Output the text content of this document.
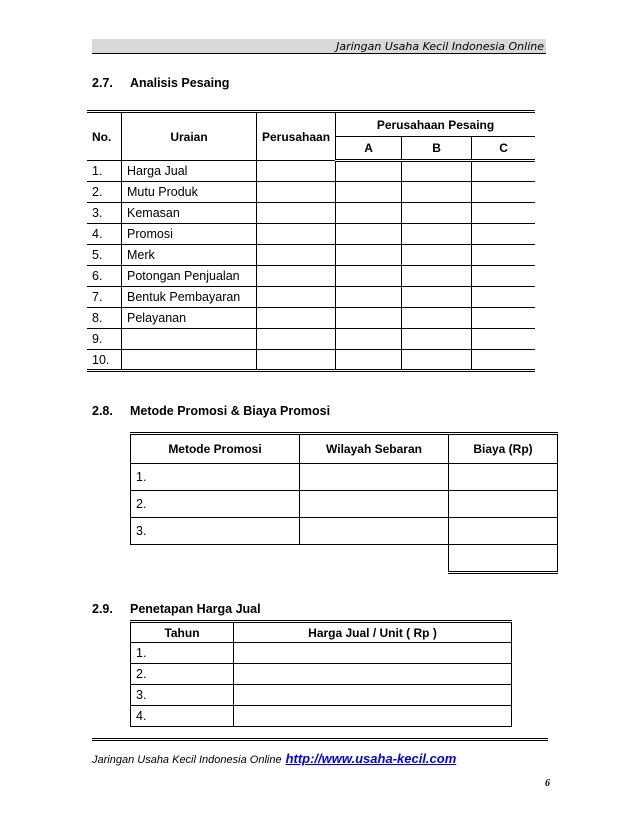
Jaringan Usaha Kecil Indonesia Online
2.7. Analisis Pesaing
No.	Uraian	Perusahaan	Perusahaan Pesaing		
			A	B	C
1.	Harga Jual				
2.	Mutu Produk				
3.	Kemasan				
4.	Promosi				
5.	Merk				
6.	Potongan Penjualan				
7.	Bentuk Pembayaran				
8.	Pelayanan				
9.					
10.					
2.8. Metode Promosi & Biaya Promosi
Metode Promosi	Wilayah Sebaran	Biaya (Rp)
1.		
2.		
3.		

2.9. Penetapan Harga Jual
Tahun	Harga Jual / Unit ( Rp )
1.	
2.	
3.	
4.	
Jaringan Usaha Kecil Indonesia Online http://www.usaha-kecil.com
6
